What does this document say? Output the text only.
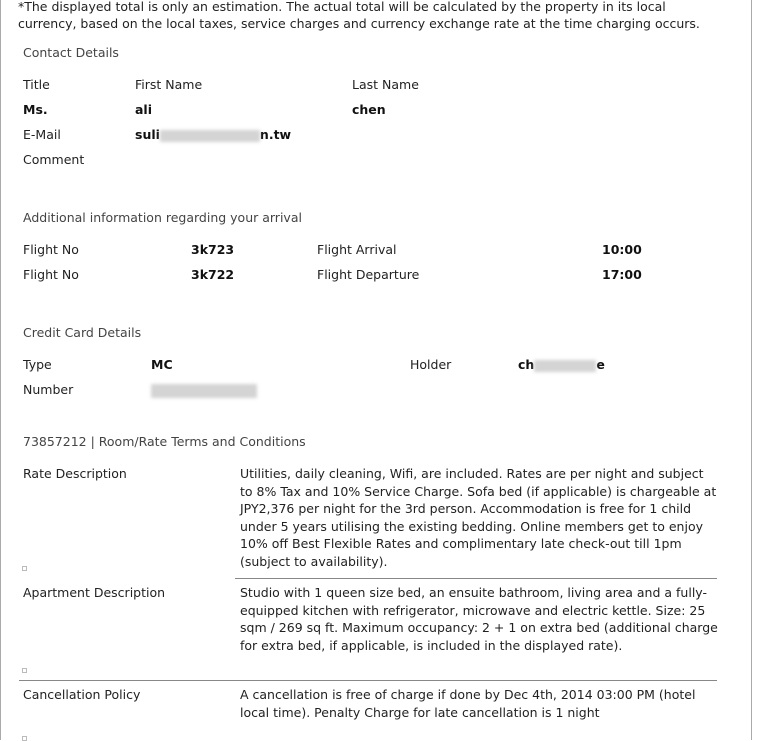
*The displayed total is only an estimation. The actual total will be calculated by the property in its local currency, based on the local taxes, service charges and currency exchange rate at the time charging occurs.
Contact Details
Title	First Name	Last Name
Ms.	ali	chen
E-Mail	suli	n.tw
Comment
Additional information regarding your arrival
Flight No	3k723	Flight Arrival	10:00
Flight No	3k722	Flight Departure	17:00
Credit Card Details
Type	MC	Holder	ch	e
Number
73857212 | Room/Rate Terms and Conditions
Rate Description	Utilities, daily cleaning, Wifi, are included. Rates are per night and subject to 8% Tax and 10% Service Charge. Sofa bed (if applicable) is chargeable at JPY2,376 per night for the 3rd person. Accommodation is free for 1 child under 5 years utilising the existing bedding. Online members get to enjoy 10% off Best Flexible Rates and complimentary late check-out till 1pm (subject to availability).
Apartment Description	Studio with 1 queen size bed, an ensuite bathroom, living area and a fully-equipped kitchen with refrigerator, microwave and electric kettle. Size: 25 sqm / 269 sq ft. Maximum occupancy: 2 + 1 on extra bed (additional charge for extra bed, if applicable, is included in the displayed rate).
Cancellation Policy	A cancellation is free of charge if done by Dec 4th, 2014 03:00 PM (hotel local time). Penalty Charge for late cancellation is 1 night
